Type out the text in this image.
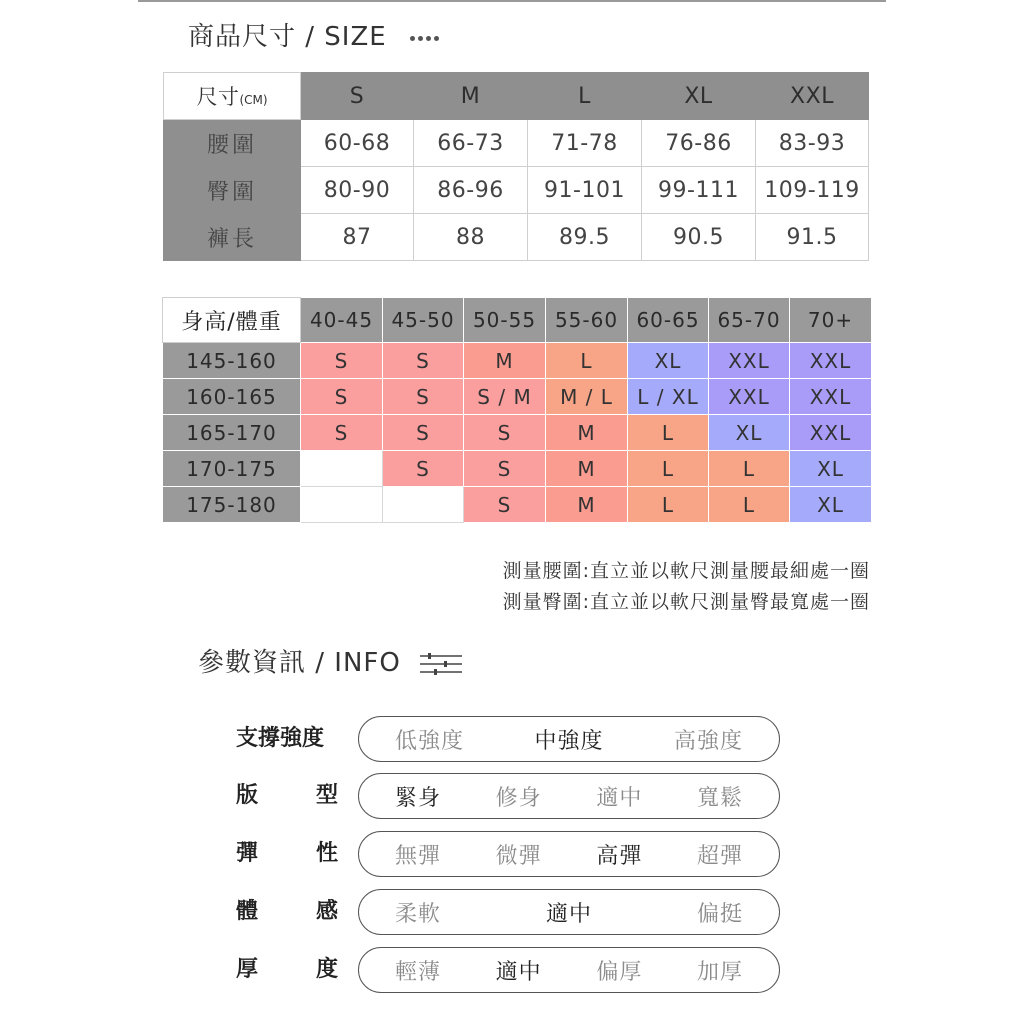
商品尺寸 / SIZE
尺寸(CM)	S	M	L	XL	XXL
腰圍	60-68	66-73	71-78	76-86	83-93
臀圍	80-90	86-96	91-101	99-111	109-119
褲長	87	88	89.5	90.5	91.5
身高/體重	40-45	45-50	50-55	55-60	60-65	65-70	70+
145-160	S	S	M	L	XL	XXL	XXL
160-165	S	S	S / M	M / L	L / XL	XXL	XXL
165-170	S	S	S	M	L	XL	XXL
170-175		S	S	M	L	L	XL
175-180			S	M	L	L	XL
測量腰圍:直立並以軟尺測量腰最細處一圈
測量臀圍:直立並以軟尺測量臀最寬處一圈
參數資訊 / INFO
支撐強度	低強度	中強度	高強度
版	型	緊身 修身 適中 寬鬆
彈	性	無彈 微彈 高彈 超彈
體	感	柔軟	適中	偏挺
厚	度	輕薄 適中 偏厚 加厚
